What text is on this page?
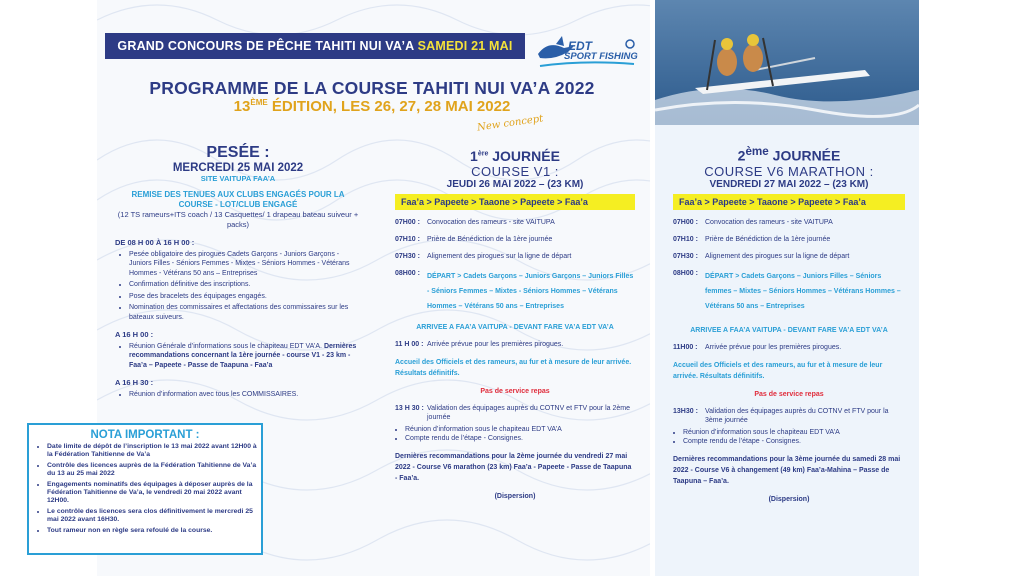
GRAND CONCOURS DE PÊCHE TAHITI NUI VA’A SAMEDI 21 MAI	EDT
SPORT FISHING
PROGRAMME DE LA COURSE TAHITI NUI VA’A 2022
13ÈME ÉDITION, LES 26, 27, 28 MAI 2022
New concept
PESÉE :
MERCREDI 25 MAI 2022
SITE VAITUPA FAA’A
REMISE DES TENUES AUX CLUBS ENGAGÉS POUR LA COURSE - LOT/CLUB ENGAGÉ
(12 TS rameurs+ITS coach / 13 Casquettes/ 1 drapeau bateau suiveur + packs)
DE 08 H 00 À 16 H 00 :
• Pesée obligatoire des pirogues Cadets Garçons - Juniors Garçons - Juniors Filles - Séniors Femmes - Mixtes - Séniors Hommes - Vétérans Hommes - Vétérans 50 ans – Entreprises
• Confirmation définitive des inscriptions.
• Pose des bracelets des équipages engagés.
• Nomination des commissaires et affectations des commissaires sur les bateaux suiveurs.
A 16 H 00 :
• Réunion Générale d’informations sous le chapiteau EDT VA’A. Dernières recommandations concernant la 1ère journée - course V1 - 23 km - Faa’a – Papeete - Passe de Taapuna - Faa’a
A 16 H 30 :
• Réunion d’information avec tous les COMMISSAIRES.
1ère JOURNÉE
COURSE V1 :
JEUDI 26 MAI 2022 – (23 KM)
Faa’a > Papeete > Taaone > Papeete > Faa’a
07H00 :	Convocation des rameurs - site VAITUPA
07H10 :	Prière de Bénédiction de la 1ère journée
07H30 :	Alignement des pirogues sur la ligne de départ
08H00 :	DÉPART > Cadets Garçons – Juniors Garçons – Juniors Filles - Séniors Femmes – Mixtes - Séniors Hommes – Vétérans Hommes – Vétérans 50 ans – Entreprises
ARRIVEE A FAA’A VAITUPA - DEVANT FARE VA’A EDT VA’A
11 H 00 : Arrivée prévue pour les premières pirogues.
Accueil des Officiels et des rameurs, au fur et à mesure de leur arrivée. Résultats définitifs.
Pas de service repas
13 H 30 : Validation des équipages auprès du COTNV et FTV pour la 2ème journée
• Réunion d’information sous le chapiteau EDT VA’A
• Compte rendu de l’étape - Consignes.
Dernières recommandations pour la 2ème journée du vendredi 27 mai 2022 - Course V6 marathon (23 km) Faa’a - Papeete - Passe de Taapuna - Faa’a.
(Dispersion)
2ème JOURNÉE
COURSE V6 MARATHON :
VENDREDI 27 MAI 2022 – (23 KM)
Faa’a > Papeete > Taaone > Papeete > Faa’a
07H00 :	Convocation des rameurs - site VAITUPA
07H10 :	Prière de Bénédiction de la 1ère journée
07H30 :	Alignement des pirogues sur la ligne de départ
08H00 :	DÉPART > Cadets Garçons – Juniors Filles – Séniors femmes – Mixtes – Séniors Hommes – Vétérans Hommes – Vétérans 50 ans – Entreprises
ARRIVEE A FAA’A VAITUPA - DEVANT FARE VA’A EDT VA’A
11H00 :	Arrivée prévue pour les premières pirogues.
Accueil des Officiels et des rameurs, au fur et à mesure de leur arrivée. Résultats définitifs.
Pas de service repas
13H30 :	Validation des équipages auprès du COTNV et FTV pour la 3ème journée
• Réunion d’information sous le chapiteau EDT VA’A
• Compte rendu de l’étape - Consignes.
Dernières recommandations pour la 3ème journée du samedi 28 mai 2022 - Course V6 à changement (49 km) Faa’a-Mahina – Passe de Taapuna – Faa’a.
(Dispersion)
NOTA IMPORTANT :
• Date limite de dépôt de l’inscription le 13 mai 2022 avant 12H00 à la Fédération Tahitienne de Va’a
• Contrôle des licences auprès de la Fédération Tahitienne de Va’a du 13 au 25 mai 2022
• Engagements nominatifs des équipages à déposer auprès de la Fédération Tahitienne de Va’a, le vendredi 20 mai 2022 avant 12H00.
• Le contrôle des licences sera clos définitivement le mercredi 25 mai 2022 avant 16H30.
• Tout rameur non en règle sera refoulé de la course.
